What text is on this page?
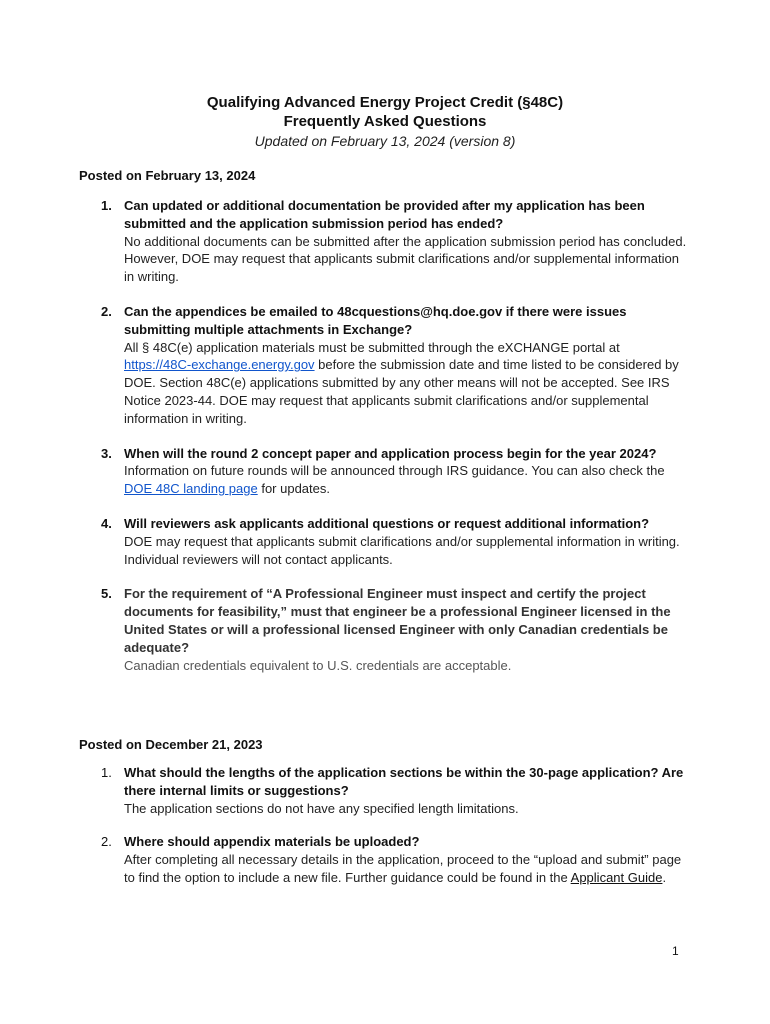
Qualifying Advanced Energy Project Credit (§48C)
Frequently Asked Questions
Updated on February 13, 2024 (version 8)
Posted on February 13, 2024
1. Can updated or additional documentation be provided after my application has been submitted and the application submission period has ended?
No additional documents can be submitted after the application submission period has concluded. However, DOE may request that applicants submit clarifications and/or supplemental information in writing.
2. Can the appendices be emailed to 48cquestions@hq.doe.gov if there were issues submitting multiple attachments in Exchange?
All § 48C(e) application materials must be submitted through the eXCHANGE portal at https://48C-exchange.energy.gov before the submission date and time listed to be considered by DOE. Section 48C(e) applications submitted by any other means will not be accepted. See IRS Notice 2023-44. DOE may request that applicants submit clarifications and/or supplemental information in writing.
3. When will the round 2 concept paper and application process begin for the year 2024?
Information on future rounds will be announced through IRS guidance. You can also check the DOE 48C landing page for updates.
4. Will reviewers ask applicants additional questions or request additional information?
DOE may request that applicants submit clarifications and/or supplemental information in writing. Individual reviewers will not contact applicants.
5. For the requirement of “A Professional Engineer must inspect and certify the project documents for feasibility,” must that engineer be a professional Engineer licensed in the United States or will a professional licensed Engineer with only Canadian credentials be adequate?
Canadian credentials equivalent to U.S. credentials are acceptable.
Posted on December 21, 2023
1. What should the lengths of the application sections be within the 30-page application? Are there internal limits or suggestions?
The application sections do not have any specified length limitations.
2. Where should appendix materials be uploaded?
After completing all necessary details in the application, proceed to the “upload and submit” page to find the option to include a new file. Further guidance could be found in the Applicant Guide.
1
